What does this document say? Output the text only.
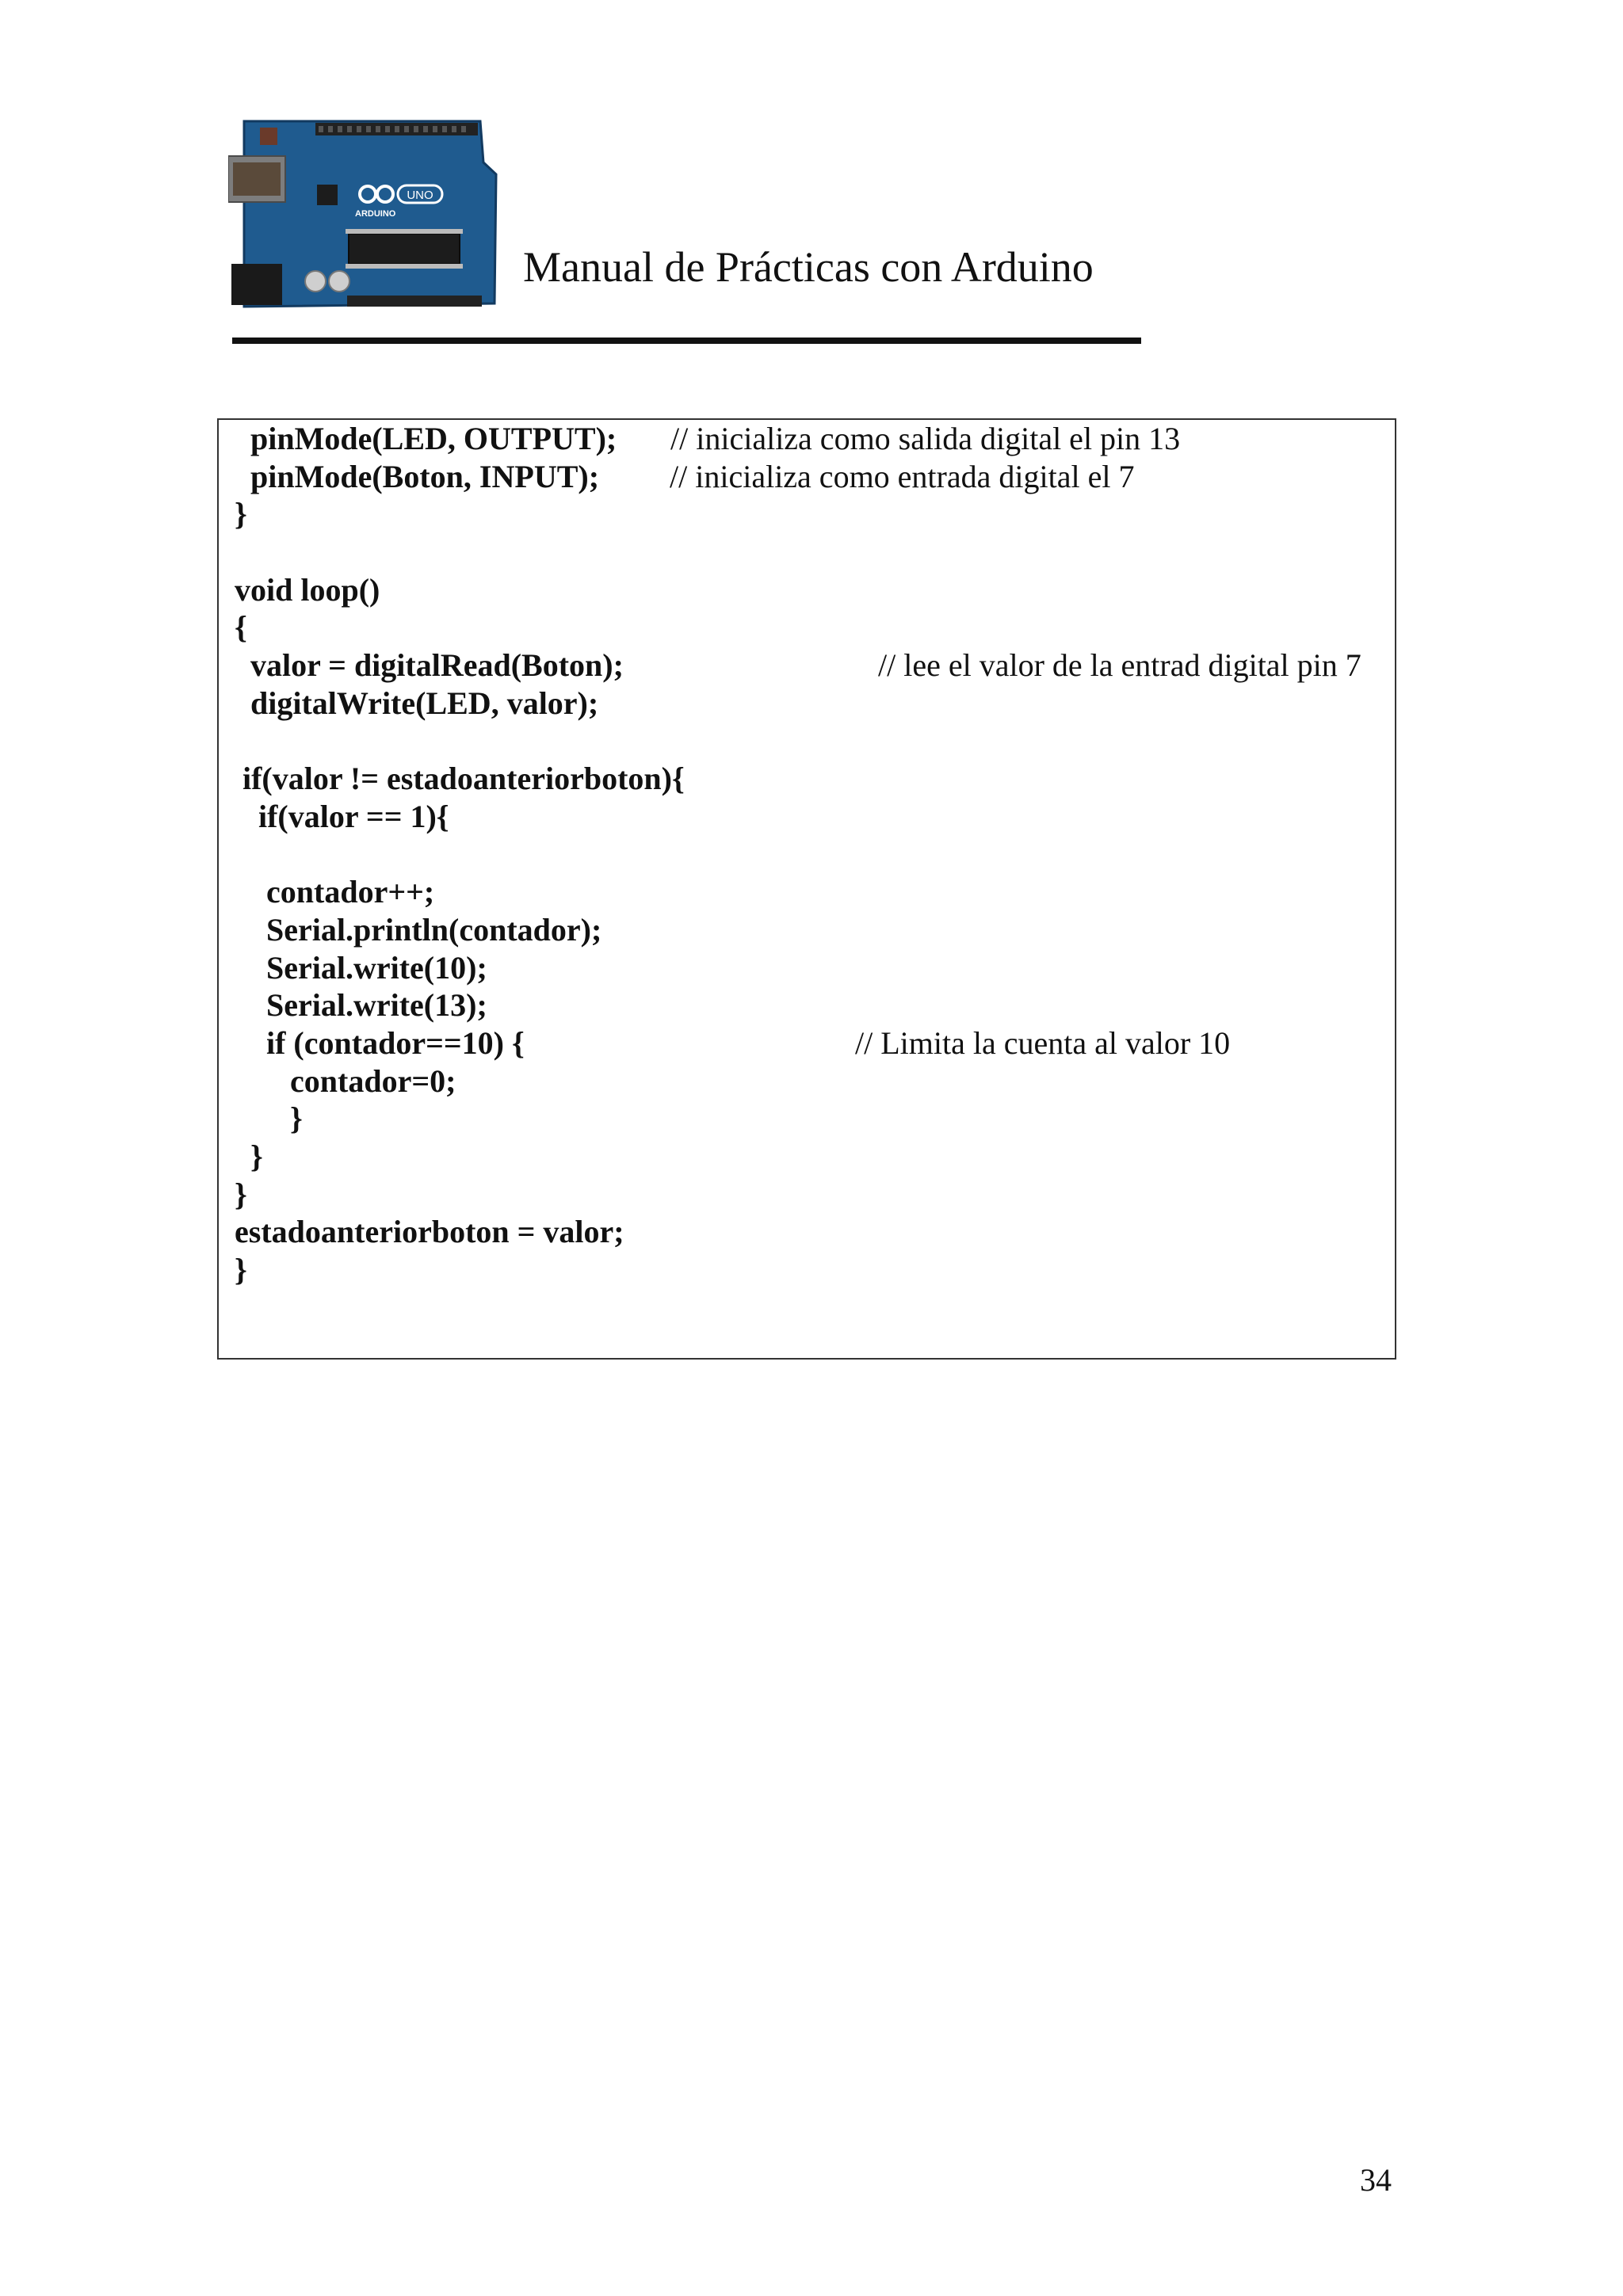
UNO
ARDUINO
Manual de Prácticas con Arduino
pinMode(LED, OUTPUT); // inicializa como salida digital el pin 13
pinMode(Boton, INPUT); // inicializa como entrada digital el 7
}
void loop()
{
valor = digitalRead(Boton);	// lee el valor de la entrad digital pin 7
digitalWrite(LED, valor);
if(valor != estadoanteriorboton){
if(valor == 1){
contador++;
Serial.println(contador);
Serial.write(10);
Serial.write(13);
if (contador==10) {	// Limita la cuenta al valor 10
contador=0;
}
}
}
estadoanteriorboton = valor;
}
34
